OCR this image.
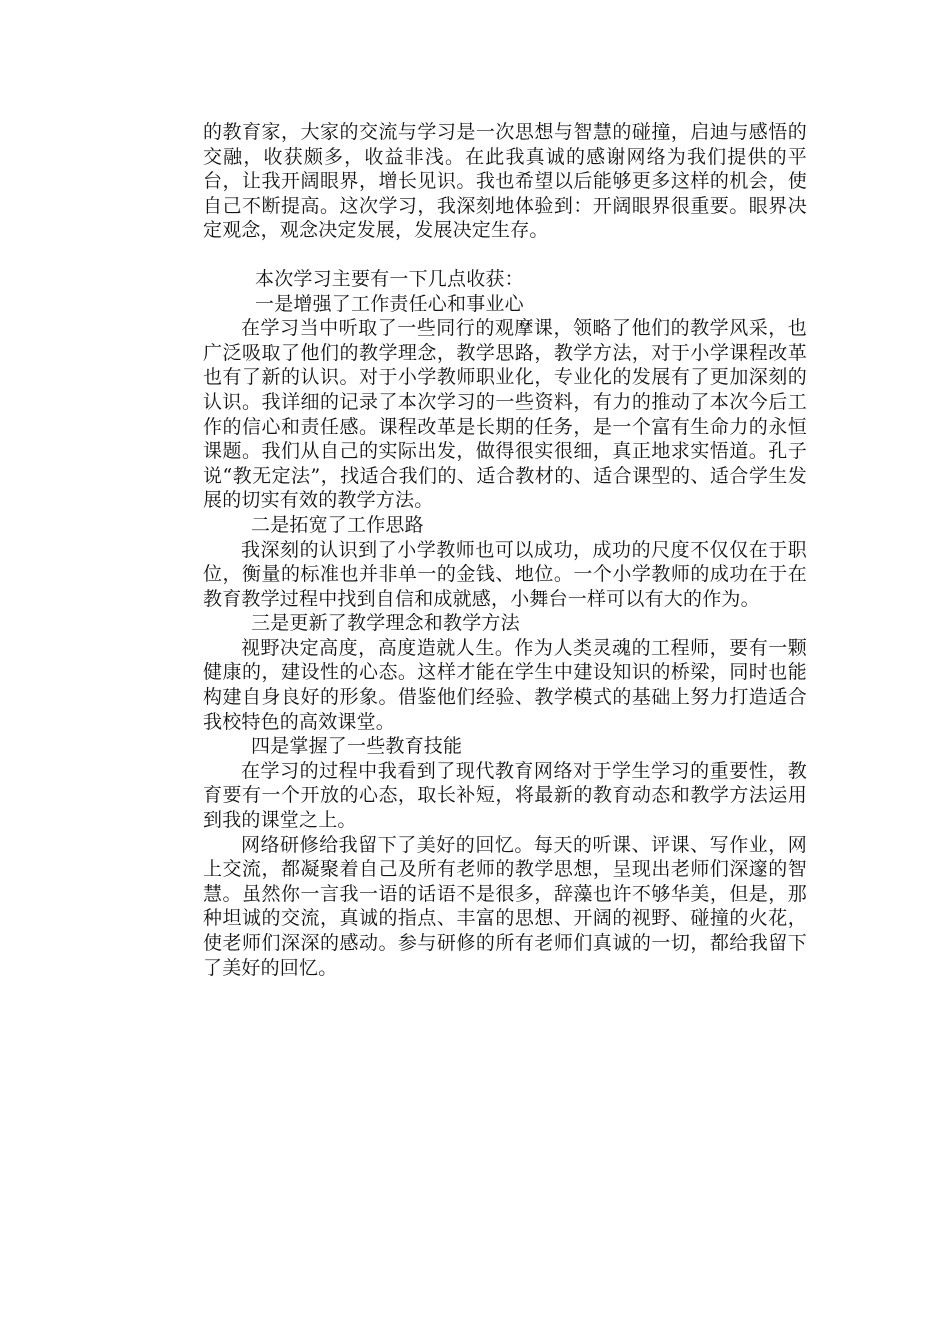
的教育家，大家的交流与学习是一次思想与智慧的碰撞，启迪与感悟的交融，收获颇多，收益非浅。在此我真诚的感谢网络为我们提供的平台，让我开阔眼界，增长见识。我也希望以后能够更多这样的机会，使自己不断提高。这次学习，我深刻地体验到：开阔眼界很重要。眼界决定观念，观念决定发展，发展决定生存。

本次学习主要有一下几点收获：

一是增强了工作责任心和事业心

在学习当中听取了一些同行的观摩课，领略了他们的教学风采，也广泛吸取了他们的教学理念，教学思路，教学方法，对于小学课程改革也有了新的认识。对于小学教师职业化，专业化的发展有了更加深刻的认识。我详细的记录了本次学习的一些资料，有力的推动了本次今后工作的信心和责任感。课程改革是长期的任务，是一个富有生命力的永恒课题。我们从自己的实际出发，做得很实很细，真正地求实悟道。孔子说“教无定法”，找适合我们的、适合教材的、适合课型的、适合学生发展的切实有效的教学方法。

二是拓宽了工作思路

我深刻的认识到了小学教师也可以成功，成功的尺度不仅仅在于职位，衡量的标准也并非单一的金钱、地位。一个小学教师的成功在于在教育教学过程中找到自信和成就感，小舞台一样可以有大的作为。

三是更新了教学理念和教学方法

视野决定高度，高度造就人生。作为人类灵魂的工程师，要有一颗健康的，建设性的心态。这样才能在学生中建设知识的桥梁，同时也能构建自身良好的形象。借鉴他们经验、教学模式的基础上努力打造适合我校特色的高效课堂。

四是掌握了一些教育技能

在学习的过程中我看到了现代教育网络对于学生学习的重要性，教育要有一个开放的心态，取长补短，将最新的教育动态和教学方法运用到我的课堂之上。

网络研修给我留下了美好的回忆。每天的听课、评课、写作业，网上交流，都凝聚着自己及所有老师的教学思想，呈现出老师们深邃的智慧。虽然你一言我一语的话语不是很多，辞藻也许不够华美，但是，那种坦诚的交流，真诚的指点、丰富的思想、开阔的视野、碰撞的火花，使老师们深深的感动。参与研修的所有老师们真诚的一切，都给我留下了美好的回忆。
